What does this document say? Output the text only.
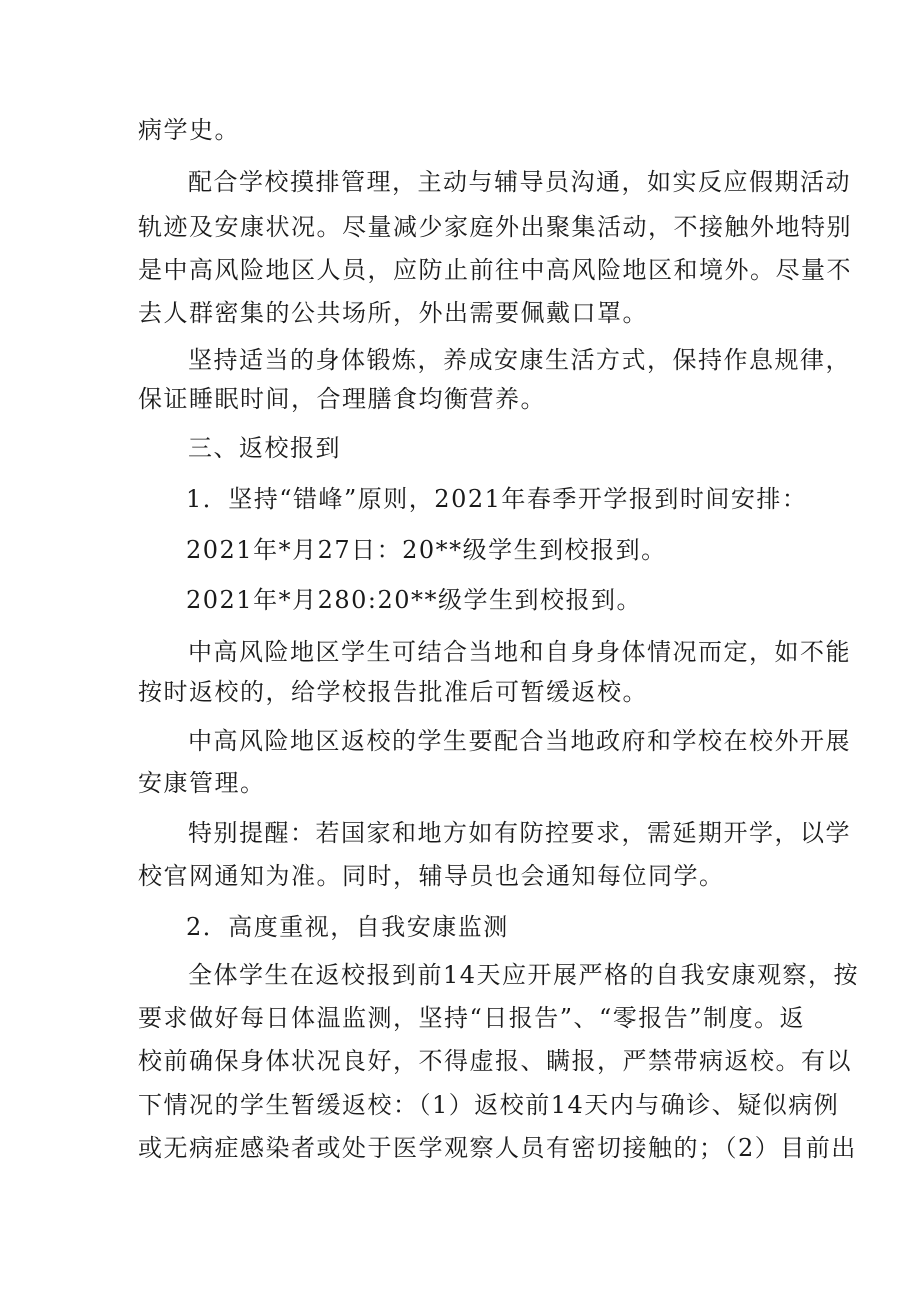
病学史。
配合学校摸排管理，主动与辅导员沟通，如实反应假期活动
轨迹及安康状况。尽量减少家庭外出聚集活动，不接触外地特别
是中高风险地区人员，应防止前往中高风险地区和境外。尽量不
去人群密集的公共场所，外出需要佩戴口罩。
坚持适当的身体锻炼，养成安康生活方式，保持作息规律，
保证睡眠时间，合理膳食均衡营养。
三、返校报到
1．坚持“错峰”原则，2021年春季开学报到时间安排：
2021年*月27日：20**级学生到校报到。
2021年*月280:20**级学生到校报到。
中高风险地区学生可结合当地和自身身体情况而定，如不能
按时返校的，给学校报告批准后可暂缓返校。
中高风险地区返校的学生要配合当地政府和学校在校外开展
安康管理。
特别提醒：若国家和地方如有防控要求，需延期开学，以学
校官网通知为准。同时，辅导员也会通知每位同学。
2．高度重视，自我安康监测
全体学生在返校报到前14天应开展严格的自我安康观察，按
要求做好每日体温监测，坚持“日报告”、“零报告”制度。返
校前确保身体状况良好，不得虚报、瞒报，严禁带病返校。有以
下情况的学生暂缓返校：（1）返校前14天内与确诊、疑似病例
或无病症感染者或处于医学观察人员有密切接触的；（2）目前出
